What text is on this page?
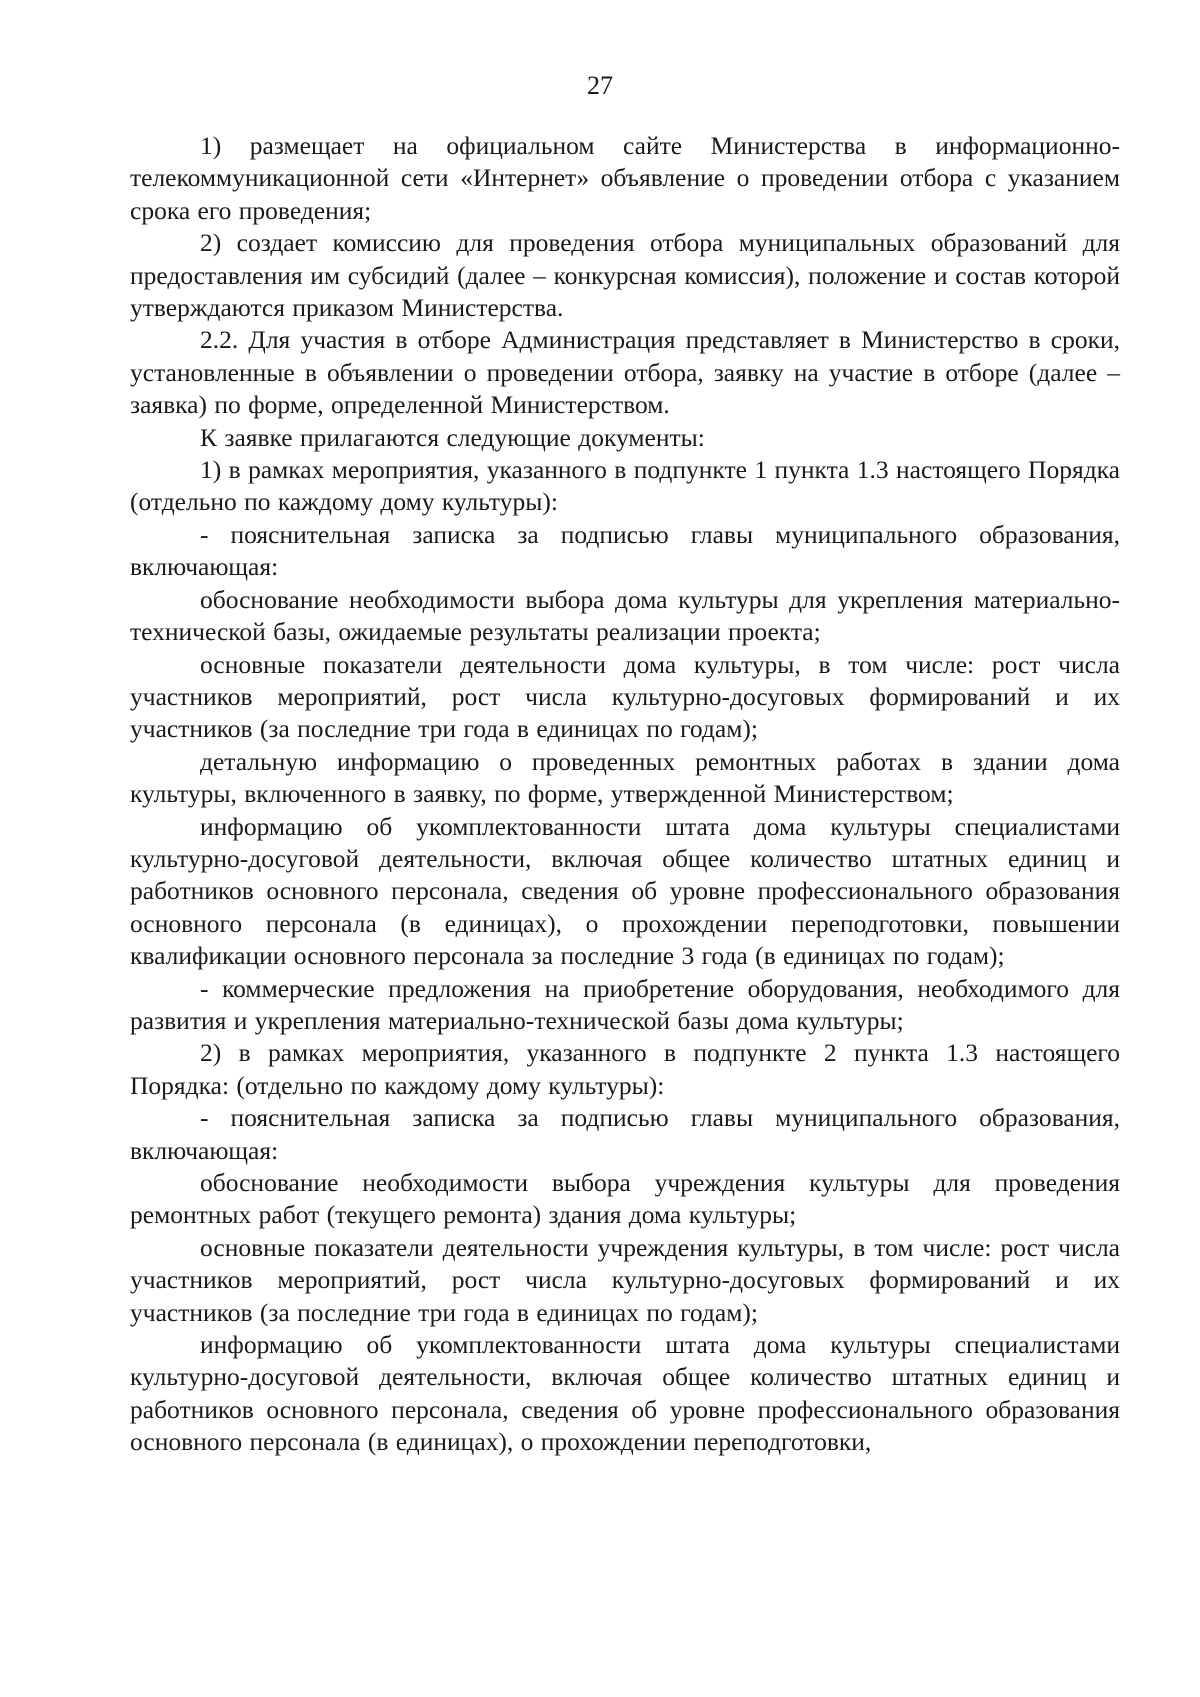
27

1) размещает на официальном сайте Министерства в информационно-телекоммуникационной сети «Интернет» объявление о проведении отбора с указанием срока его проведения;

2) создает комиссию для проведения отбора муниципальных образований для предоставления им субсидий (далее – конкурсная комиссия), положение и состав которой утверждаются приказом Министерства.

2.2. Для участия в отборе Администрация представляет в Министерство в сроки, установленные в объявлении о проведении отбора, заявку на участие в отборе (далее – заявка) по форме, определенной Министерством.

К заявке прилагаются следующие документы:

1) в рамках мероприятия, указанного в подпункте 1 пункта 1.3 настоящего Порядка (отдельно по каждому дому культуры):

- пояснительная записка за подписью главы муниципального образования, включающая:

обоснование необходимости выбора дома культуры для укрепления материально-технической базы, ожидаемые результаты реализации проекта;

основные показатели деятельности дома культуры, в том числе: рост числа участников мероприятий, рост числа культурно-досуговых формирований и их участников (за последние три года в единицах по годам);

детальную информацию о проведенных ремонтных работах в здании дома культуры, включенного в заявку, по форме, утвержденной Министерством;

информацию об укомплектованности штата дома культуры специалистами культурно-досуговой деятельности, включая общее количество штатных единиц и работников основного персонала, сведения об уровне профессионального образования основного персонала (в единицах), о прохождении переподготовки, повышении квалификации основного персонала за последние 3 года (в единицах по годам);

- коммерческие предложения на приобретение оборудования, необходимого для развития и укрепления материально-технической базы дома культуры;

2) в рамках мероприятия, указанного в подпункте 2 пункта 1.3 настоящего Порядка: (отдельно по каждому дому культуры):

- пояснительная записка за подписью главы муниципального образования, включающая:

обоснование необходимости выбора учреждения культуры для проведения ремонтных работ (текущего ремонта) здания дома культуры;

основные показатели деятельности учреждения культуры, в том числе: рост числа участников мероприятий, рост числа культурно-досуговых формирований и их участников (за последние три года в единицах по годам);

информацию об укомплектованности штата дома культуры специалистами культурно-досуговой деятельности, включая общее количество штатных единиц и работников основного персонала, сведения об уровне профессионального образования основного персонала (в единицах), о прохождении переподготовки,
